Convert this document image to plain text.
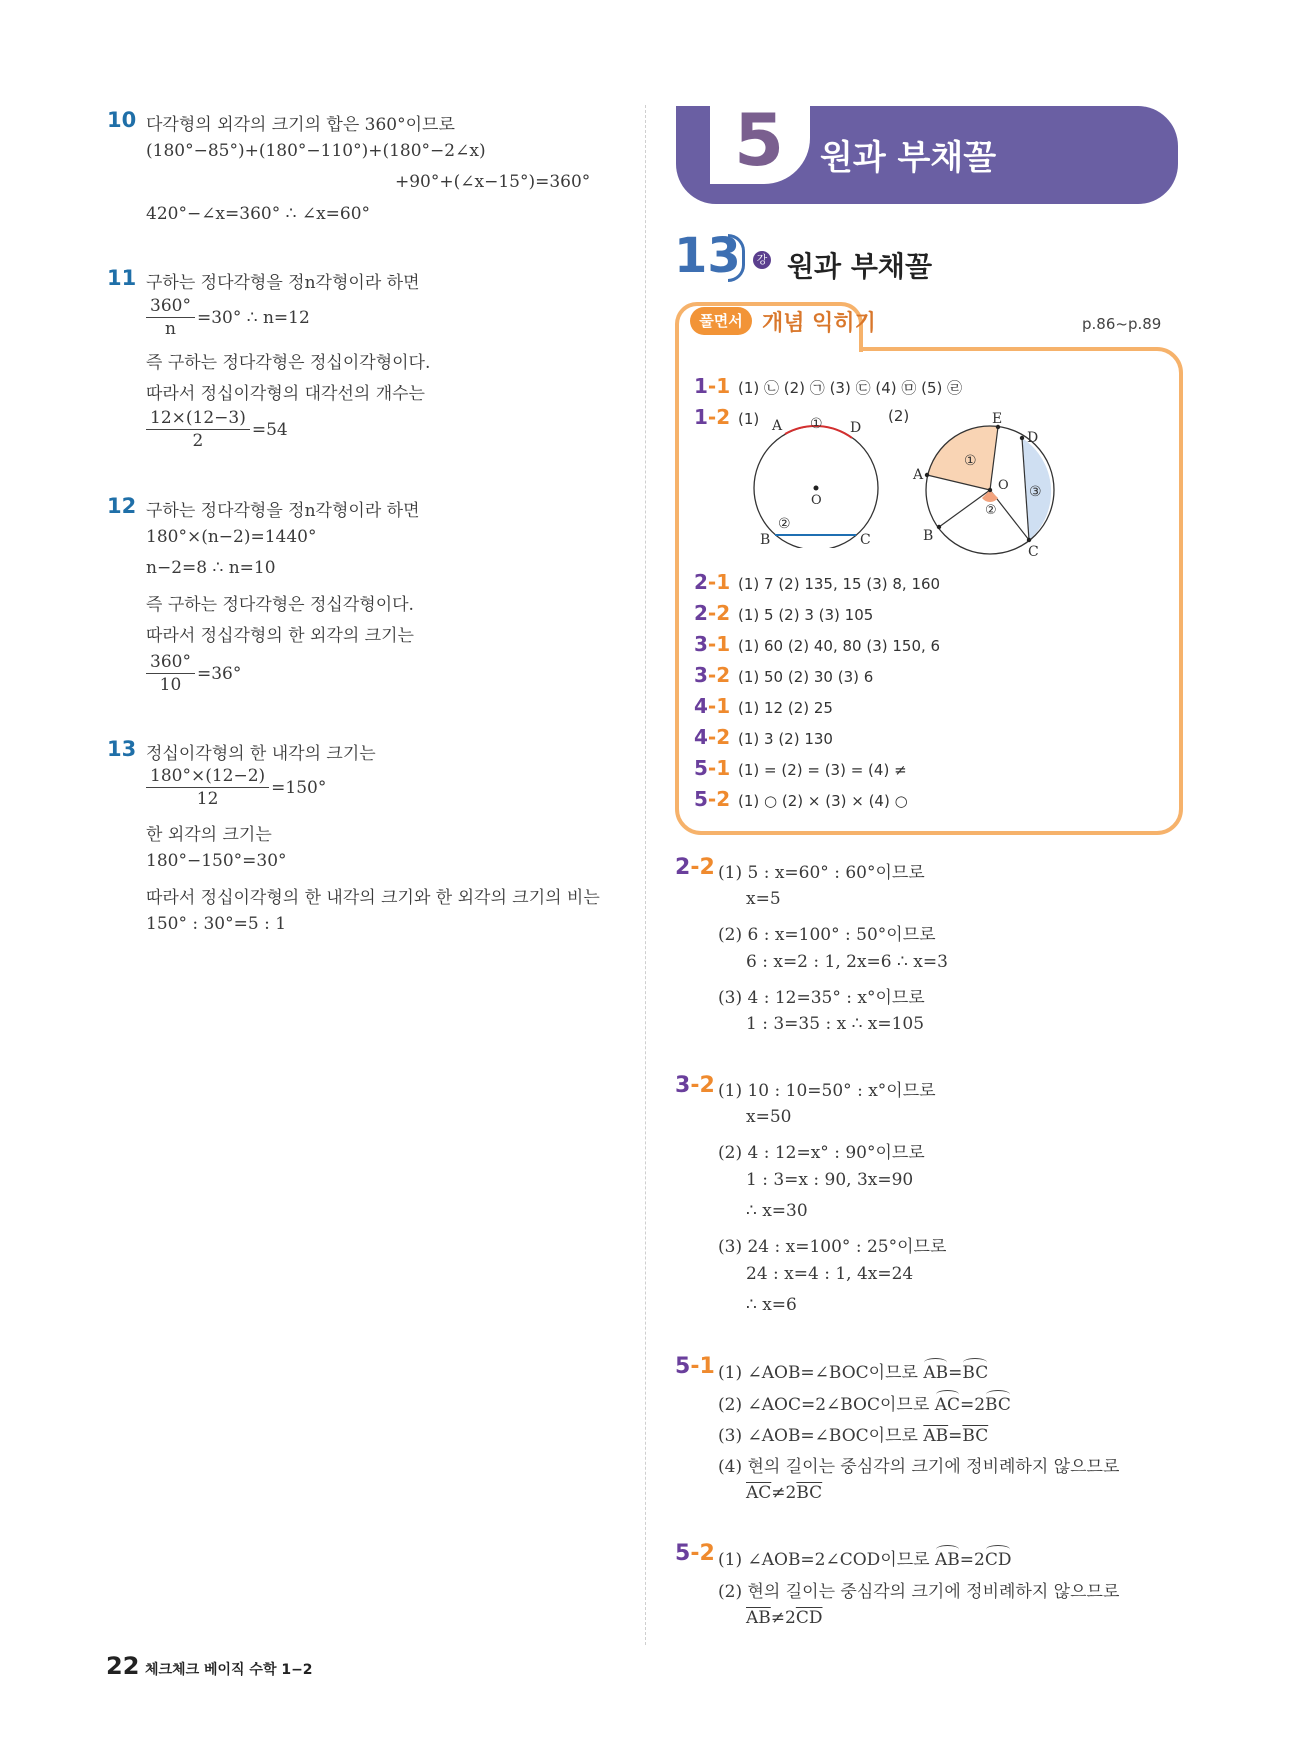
10 다각형의 외각의 크기의 합은 360°이므로
(180°−85°)+(180°−110°)+(180°−2∠x)
+90°+(∠x−15°)=360°
420°−∠x=360° ∴ ∠x=60°
11 구하는 정다각형을 정n각형이라 하면
$\frac{360^\circ}{n} =30^\circ$ ∴ n=12
즉 구하는 정다각형은 정십이각형이다.
따라서 정십이각형의 대각선의 개수는
$\frac{12\times(12-3)}{2} =54$
12 구하는 정다각형을 정n각형이라 하면
180°×(n−2)=1440°
n−2=8 ∴ n=10
즉 구하는 정다각형은 정십각형이다.
따라서 정십각형의 한 외각의 크기는
$\frac{360^\circ}{10} =36^\circ$
13 정십이각형의 한 내각의 크기는
$\frac{180^\circ\times(12-2)}{12} =150^\circ$
한 외각의 크기는
180°−150°=30°
따라서 정십이각형의 한 내각의 크기와 한 외각의 크기의 비는
150° : 30°=5 : 1
5 원과 부채꼴
13	강 원과 부채꼴
풀면서 개념 익히기	p.86~p.89
1-1 (1) ㉡ (2) ㉠ (3) ㉢ (4) ㉤ (5) ㉣
1-2 (1) A	D
①
O
②
B	C
(2)	E
D
A
①
O ③
②
B
C
2-1 (1) 7 (2) 135, 15 (3) 8, 160
2-2 (1) 5 (2) 3 (3) 105
3-1 (1) 60 (2) 40, 80 (3) 150, 6
3-2 (1) 50 (2) 30 (3) 6
4-1 (1) 12 (2) 25
4-2 (1) 3 (2) 130
5-1 (1) = (2) = (3) = (4) ≠
5-2 (1) ○ (2) × (3) × (4) ○
2-2 (1) 5 : x=60° : 60°이므로
x=5
(2) 6 : x=100° : 50°이므로
6 : x=2 : 1, 2x=6 ∴ x=3
(3) 4 : 12=35° : x°이므로
1 : 3=35 : x ∴ x=105
3-2 (1) 10 : 10=50° : x°이므로
x=50
(2) 4 : 12=x° : 90°이므로
1 : 3=x : 90, 3x=90
∴ x=30
(3) 24 : x=100° : 25°이므로
24 : x=4 : 1, 4x=24
∴ x=6
5-1 (1) ∠AOB=∠BOC이므로 AB=BC
(2) ∠AOC=2∠BOC이므로 AC=2BC
(3) ∠AOB=∠BOC이므로 $\overline{AB}=\overline{BC}$
(4) 현의 길이는 중심각의 크기에 정비례하지 않으므로
$\overline{AC}\ne 2\overline{BC}$
5-2 (1) ∠AOB=2∠COD이므로 AB=2CD
(2) 현의 길이는 중심각의 크기에 정비례하지 않으므로
$\overline{AB}\ne 2\overline{CD}$
22 체크체크 베이직 수학 1−2
